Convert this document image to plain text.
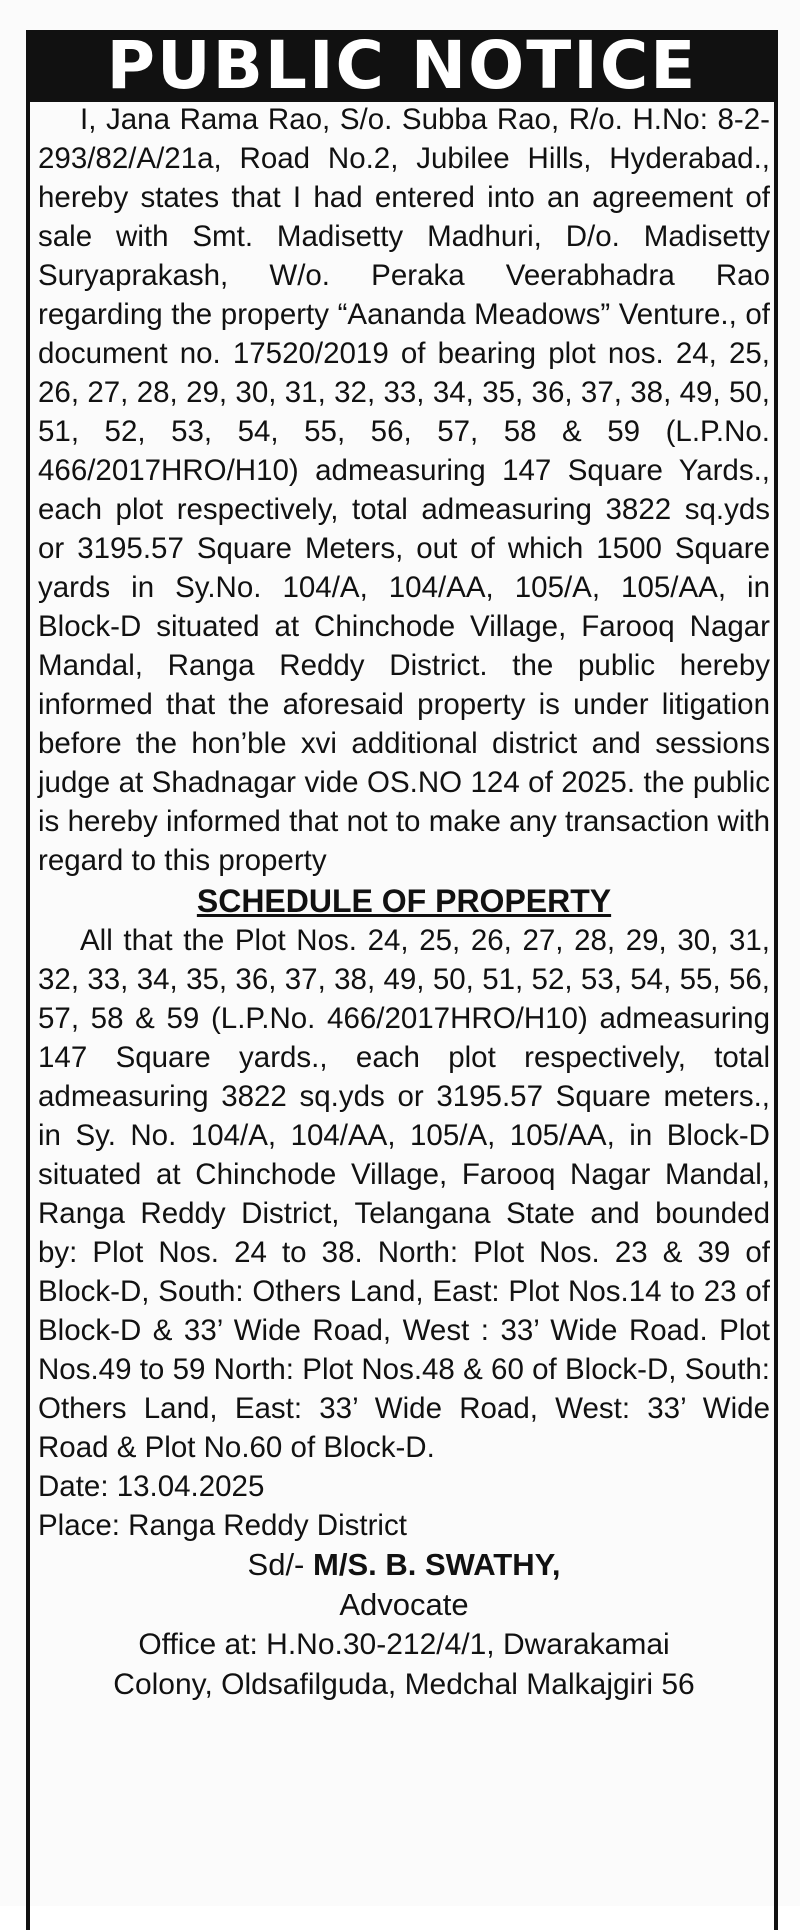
PUBLIC NOTICE

I, Jana Rama Rao, S/o. Subba Rao, R/o. H.No: 8-2-293/82/A/21a, Road No.2, Jubilee Hills, Hyderabad., hereby states that I had entered into an agreement of sale with Smt. Madisetty Madhuri, D/o. Madisetty Suryaprakash, W/o. Peraka Veerabhadra Rao regarding the property “Aananda Meadows” Venture., of document no. 17520/2019 of bearing plot nos. 24, 25, 26, 27, 28, 29, 30, 31, 32, 33, 34, 35, 36, 37, 38, 49, 50, 51, 52, 53, 54, 55, 56, 57, 58 & 59 (L.P.No. 466/2017HRO/H10) admeasuring 147 Square Yards., each plot respectively, total admeasuring 3822 sq.yds or 3195.57 Square Meters, out of which 1500 Square yards in Sy.No. 104/A, 104/AA, 105/A, 105/AA, in Block-D situated at Chinchode Village, Farooq Nagar Mandal, Ranga Reddy District. the public hereby informed that the aforesaid property is under litigation before the hon’ble xvi additional district and sessions judge at Shadnagar vide OS.NO 124 of 2025. the public is hereby informed that not to make any transaction with regard to this property

SCHEDULE OF PROPERTY

All that the Plot Nos. 24, 25, 26, 27, 28, 29, 30, 31, 32, 33, 34, 35, 36, 37, 38, 49, 50, 51, 52, 53, 54, 55, 56, 57, 58 & 59 (L.P.No. 466/2017HRO/H10) admeasuring 147 Square yards., each plot respectively, total admeasuring 3822 sq.yds or 3195.57 Square meters., in Sy. No. 104/A, 104/AA, 105/A, 105/AA, in Block-D situated at Chinchode Village, Farooq Nagar Mandal, Ranga Reddy District, Telangana State and bounded by: Plot Nos. 24 to 38. North: Plot Nos. 23 & 39 of Block-D, South: Others Land, East: Plot Nos.14 to 23 of Block-D & 33’ Wide Road, West : 33’ Wide Road. Plot Nos.49 to 59 North: Plot Nos.48 & 60 of Block-D, South: Others Land, East: 33’ Wide Road, West: 33’ Wide Road & Plot No.60 of Block-D.

Date: 13.04.2025

Place: Ranga Reddy District

Sd/- M/S. B. SWATHY,

Advocate

Office at: H.No.30-212/4/1, Dwarakamai

Colony, Oldsafilguda, Medchal Malkajgiri 56
